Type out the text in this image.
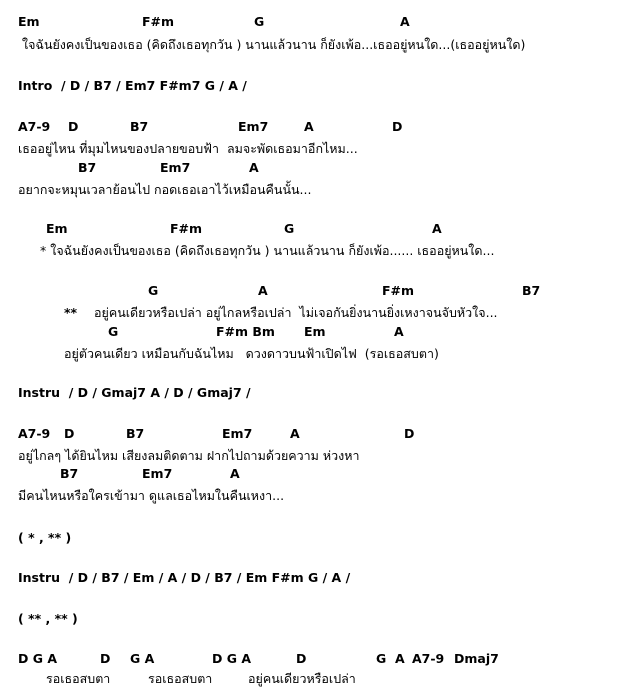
Em	F#m	G	A
ใจฉันยังคงเป็นของเธอ (คิดถึงเธอทุกวัน ) นานแล้วนาน ก็ยังเพ้อ...เธออยู่หนใด...(เธออยู่หนใด)
Intro  / D / B7 / Em7 F#m7 G / A /
A7-9 D	B7	Em7	A	D
เธออยู่ไหน ที่มุมไหนของปลายขอบฟ้า  ลมจะพัดเธอมาอีกไหม...
B7	Em7	A
อยากจะหมุนเวลาย้อนไป กอดเธอเอาไว้เหมือนคืนนั้น...
Em	F#m	G	A
* ใจฉันยังคงเป็นของเธอ (คิดถึงเธอทุกวัน ) นานแล้วนาน ก็ยังเพ้อ...... เธออยู่หนใด...
G	A	F#m	B7
** อยู่คนเดียวหรือเปล่า อยู่ไกลหรือเปล่า  ไม่เจอกันยิ่งนานยิ่งเหงาจนจับหัวใจ...
G	F#m Bm Em	A
อยู่ตัวคนเดียว เหมือนกับฉันไหม   ดวงดาวบนฟ้าเปิดไฟ  (รอเธอสบตา)
Instru  / D / Gmaj7 A / D / Gmaj7 /
A7-9 D	B7	Em7	A	D
อยู่ไกลๆ ได้ยินไหม เสียงลมติดตาม ฝากไปถามด้วยความ ห่วงหา
B7	Em7	A
มีคนไหนหรือใครเข้ามา ดูแลเธอไหมในคืนเหงา...
( * , ** )
Instru  / D / B7 / Em / A / D / B7 / Em F#m G / A /
( ** , ** )
D G A	D G A	D G A	D	G  A A7-9 Dmaj7
รอเธอสบตา	รอเธอสบตา	อยู่คนเดียวหรือเปล่า
